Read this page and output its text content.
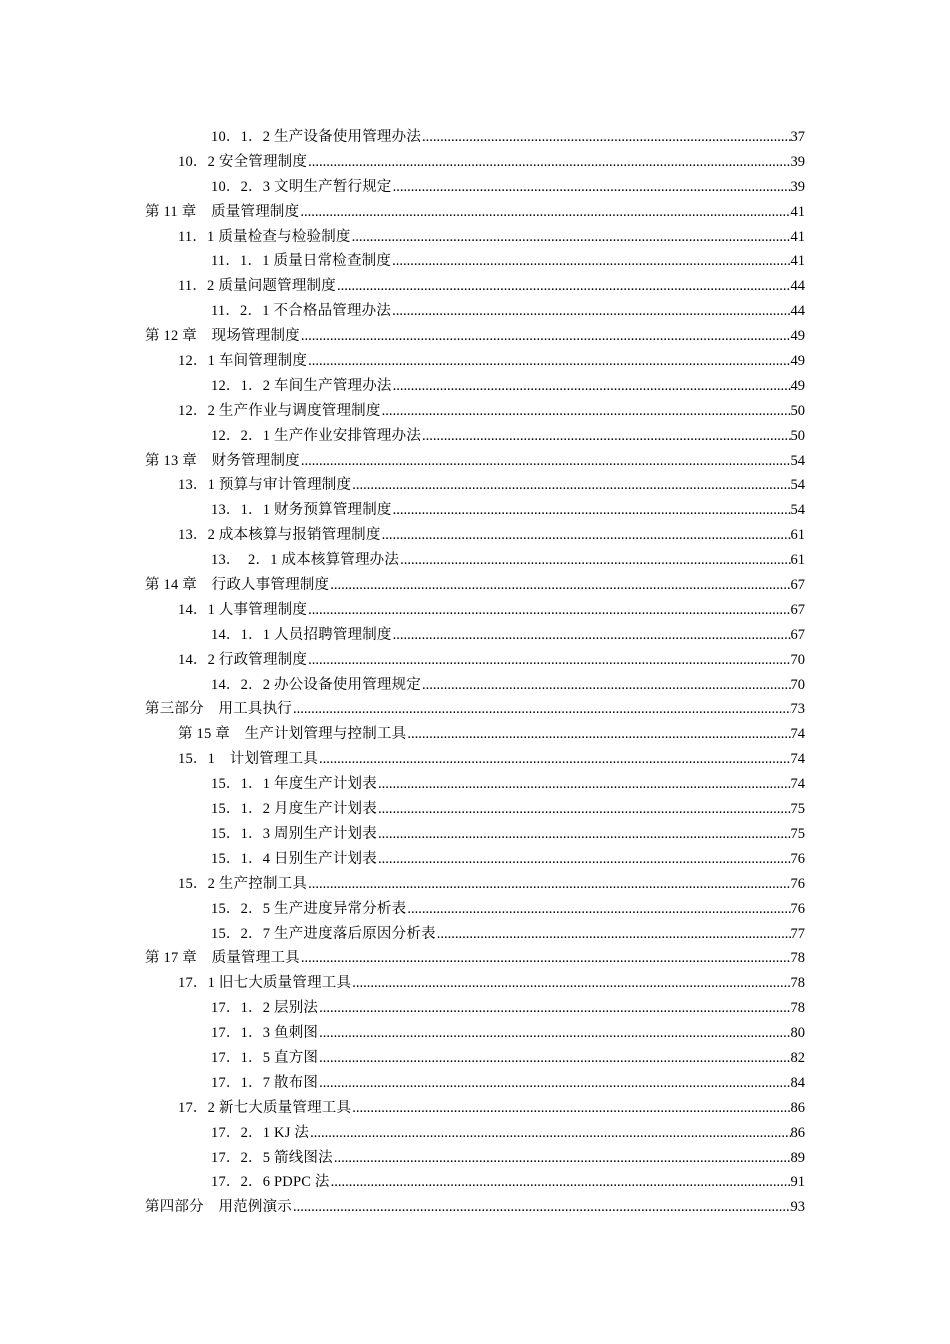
10．1．2 生产设备使用管理办法 .....	37
10．2 安全管理制度 .....	39
10．2．3 文明生产暂行规定 .....	39
第 11 章　质量管理制度 .....	41
11．1 质量检查与检验制度 .....	41
11．1．1 质量日常检查制度 .....	41
11．2 质量问题管理制度 .....	44
11．2．1 不合格品管理办法 .....	44
第 12 章　现场管理制度 .....	49
12．1 车间管理制度 .....	49
12．1．2 车间生产管理办法 .....	49
12．2 生产作业与调度管理制度 .....	50
12．2．1 生产作业安排管理办法 .....	50
第 13 章　财务管理制度 .....	54
13．1 预算与审计管理制度 .....	54
13．1．1 财务预算管理制度 .....	54
13．2 成本核算与报销管理制度 .....	61
13．　2．1 成本核算管理办法 .....	61
第 14 章　行政人事管理制度 .....	67
14．1 人事管理制度 .....	67
14．1．1 人员招聘管理制度 .....	67
14．2 行政管理制度 .....	70
14．2．2 办公设备使用管理规定 .....	70
第三部分　用工具执行 .....	73
第 15 章　生产计划管理与控制工具 .....	74
15．1　计划管理工具 .....	74
15．1．1 年度生产计划表 .....	74
15．1．2 月度生产计划表 .....	75
15．1．3 周别生产计划表 .....	75
15．1．4 日别生产计划表 .....	76
15．2 生产控制工具 .....	76
15．2．5 生产进度异常分析表 .....	76
15．2．7 生产进度落后原因分析表 .....	77
第 17 章　质量管理工具 .....	78
17．1 旧七大质量管理工具 .....	78
17．1．2 层别法 .....	78
17．1．3 鱼刺图 .....	80
17．1．5 直方图 .....	82
17．1．7 散布图 .....	84
17．2 新七大质量管理工具 .....	86
17．2．1 KJ 法 .....	86
17．2．5 箭线图法 .....	89
17．2．6 PDPC 法 .....	91
第四部分　用范例演示 .....	93
